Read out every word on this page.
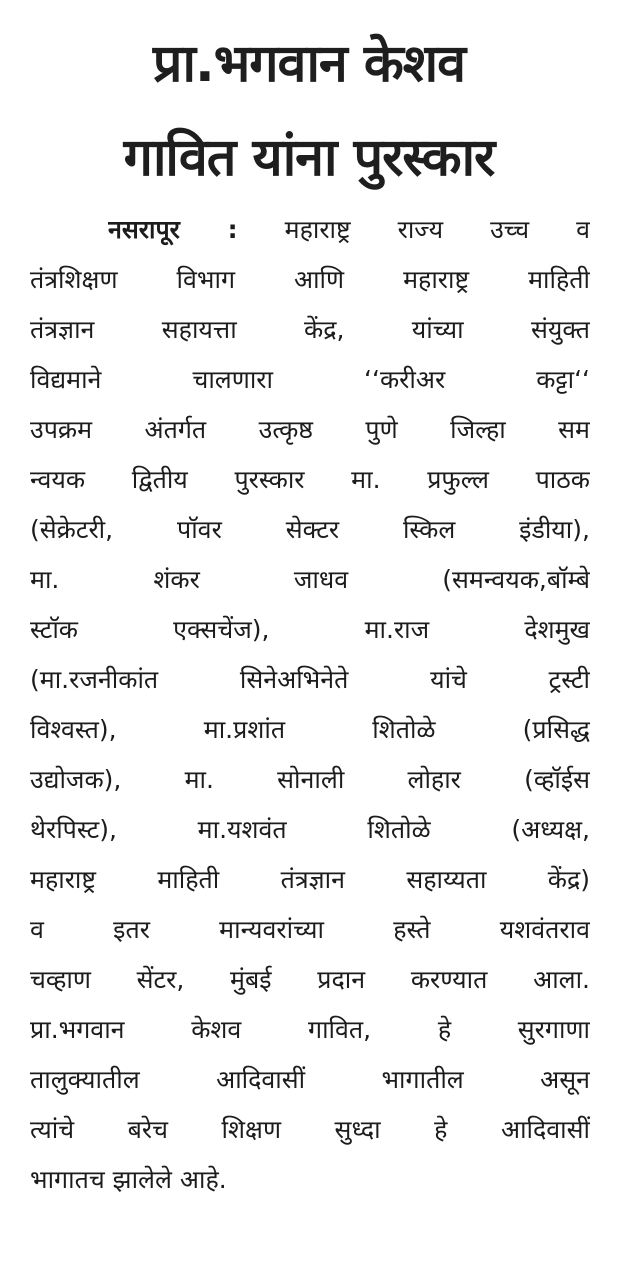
प्रा.भगवान केशव
गावित यांना पुरस्कार
नसरापूर : महाराष्ट्र राज्य उच्च व
तंत्रशिक्षण विभाग आणि महाराष्ट्र माहिती
तंत्रज्ञान सहायत्ता केंद्र, यांच्या संयुक्त
विद्यमाने चालणारा ‘‘करीअर कट्टा‘‘
उपक्रम अंतर्गत उत्कृष्ठ पुणे जिल्हा सम
न्वयक द्वितीय पुरस्कार मा. प्रफुल्ल पाठक
(सेक्रेटरी, पॉवर सेक्टर स्किल इंडीया),
मा. शंकर जाधव (समन्वयक,बॉम्बे
स्टॉक एक्सचेंज), मा.राज देशमुख
(मा.रजनीकांत सिनेअभिनेते यांचे ट्रस्टी
विश्वस्त), मा.प्रशांत शितोळे (प्रसिद्ध
उद्योजक), मा. सोनाली लोहार (व्हॉईस
थेरपिस्ट), मा.यशवंत शितोळे (अध्यक्ष,
महाराष्ट्र माहिती तंत्रज्ञान सहाय्यता केंद्र)
व इतर मान्यवरांच्या हस्ते यशवंतराव
चव्हाण सेंटर, मुंबई प्रदान करण्यात आला.
प्रा.भगवान केशव गावित, हे सुरगाणा
तालुक्यातील आदिवासीं भागातील असून
त्यांचे बरेच शिक्षण सुध्दा हे आदिवासीं
भागातच झालेले आहे.
